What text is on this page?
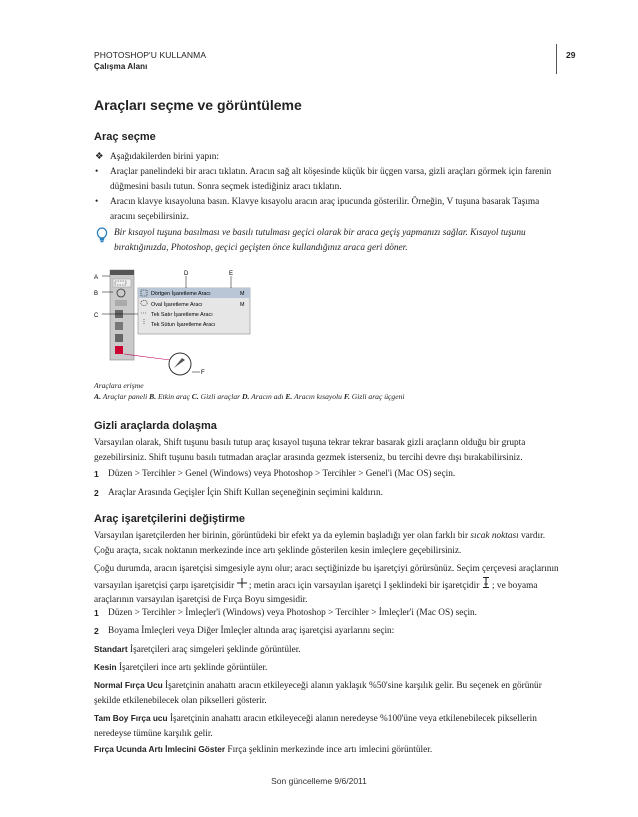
PHOTOSHOP'U KULLANMA
Çalışma Alanı
29
Araçları seçme ve görüntüleme
Araç seçme
❖ Aşağıdakilerden birini yapın:
• Araçlar panelindeki bir aracı tıklatın. Aracın sağ alt köşesinde küçük bir üçgen varsa, gizli araçları görmek için farenin düğmesini basılı tutun. Sonra seçmek istediğiniz aracı tıklatın.
• Aracın klavye kısayoluna basın. Klavye kısayolu aracın araç ipucunda gösterilir. Örneğin, V tuşuna basarak Taşıma aracını seçebilirsiniz.
Bir kısayol tuşuna basılması ve basılı tutulması geçici olarak bir araca geçiş yapmanızı sağlar. Kısayol tuşunu bıraktığınızda, Photoshop, geçici geçişten önce kullandığınız araca geri döner.
A
B
C
D	E
F
Dörtgen İşaretleme Aracı	M
Oval İşaretleme Aracı	M
Tek Satır İşaretleme Aracı
Tek Sütun İşaretleme Aracı
Araçlara erişme
A. Araçlar paneli B. Etkin araç C. Gizli araçlar D. Aracın adı E. Aracın kısayolu F. Gizli araç üçgeni
Gizli araçlarda dolaşma
Varsayılan olarak, Shift tuşunu basılı tutup araç kısayol tuşuna tekrar tekrar basarak gizli araçların olduğu bir grupta gezebilirsiniz. Shift tuşunu basılı tutmadan araçlar arasında gezmek isterseniz, bu tercihi devre dışı bırakabilirsiniz.
1 Düzen > Tercihler > Genel (Windows) veya Photoshop > Tercihler > Genel'i (Mac OS) seçin.
2 Araçlar Arasında Geçişler İçin Shift Kullan seçeneğinin seçimini kaldırın.
Araç işaretçilerini değiştirme
Varsayılan işaretçilerden her birinin, görüntüdeki bir efekt ya da eylemin başladığı yer olan farklı bir sıcak noktası vardır. Çoğu araçta, sıcak noktanın merkezinde ince artı şeklinde gösterilen kesin imleçlere geçebilirsiniz.
Çoğu durumda, aracın işaretçisi simgesiyle aynı olur; aracı seçtiğinizde bu işaretçiyi görürsünüz. Seçim çerçevesi araçlarının varsayılan işaretçisi çarpı işaretçisidir ; metin aracı için varsayılan işaretçi I şeklindeki bir işaretçidir ; ve boyama araçlarının varsayılan işaretçisi de Fırça Boyu simgesidir.
1 Düzen > Tercihler > İmleçler'i (Windows) veya Photoshop > Tercihler > İmleçler'i (Mac OS) seçin.
2 Boyama İmleçleri veya Diğer İmleçler altında araç işaretçisi ayarlarını seçin:
Standart İşaretçileri araç simgeleri şeklinde görüntüler.
Kesin İşaretçileri ince artı şeklinde görüntüler.
Normal Fırça Ucu İşaretçinin anahattı aracın etkileyeceği alanın yaklaşık %50'sine karşılık gelir. Bu seçenek en görünür şekilde etkilenebilecek olan pikselleri gösterir.
Tam Boy Fırça ucu İşaretçinin anahattı aracın etkileyeceği alanın neredeyse %100'üne veya etkilenebilecek piksellerin neredeyse tümüne karşılık gelir.
Fırça Ucunda Artı İmlecini Göster Fırça şeklinin merkezinde ince artı imlecini görüntüler.
Son güncelleme 9/6/2011
